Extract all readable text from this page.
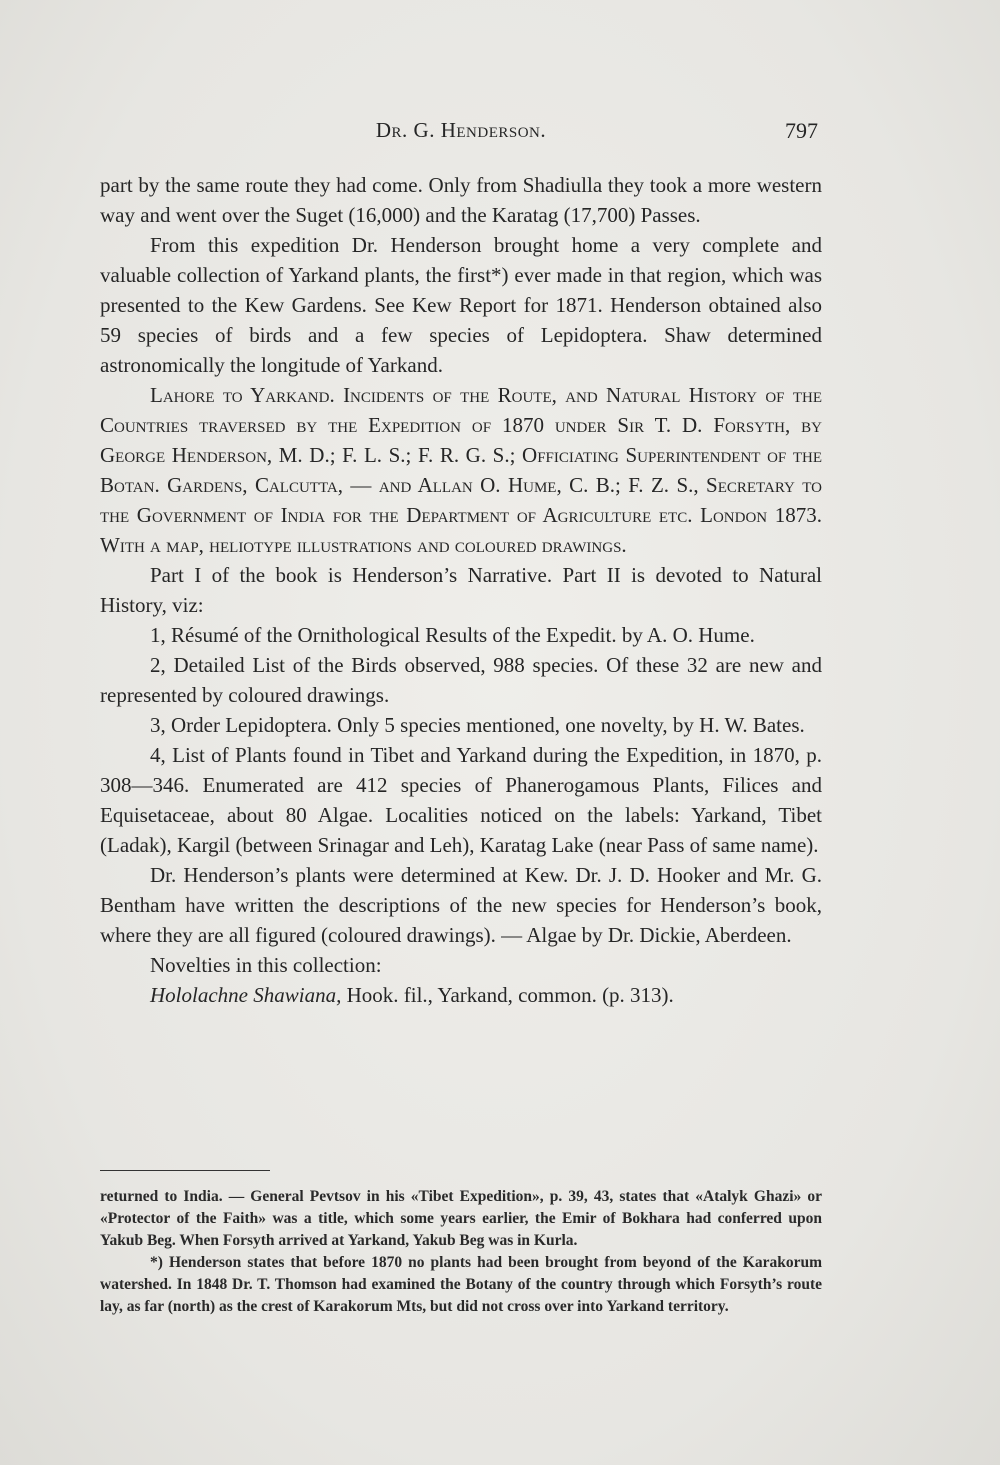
Dr. G. Henderson.	797

part by the same route they had come. Only from Shadiulla they took a more western way and went over the Suget (16,000) and the Karatag (17,700) Passes.

From this expedition Dr. Henderson brought home a very complete and valuable collection of Yarkand plants, the first*) ever made in that region, which was presented to the Kew Gardens. See Kew Report for 1871. Henderson obtained also 59 species of birds and a few species of Lepidoptera. Shaw determined astronomically the longitude of Yarkand.

Lahore to Yarkand. Incidents of the Route, and Natural History of the Countries traversed by the Expedition of 1870 under Sir T. D. Forsyth, by George Henderson, M. D.; F. L. S.; F. R. G. S.; Officiating Superintendent of the Botan. Gardens, Calcutta, — and Allan O. Hume, C. B.; F. Z. S., Secretary to the Government of India for the Department of Agriculture etc. London 1873. With a map, heliotype illustrations and coloured drawings.

Part I of the book is Henderson’s Narrative. Part II is devoted to Natural History, viz:

1, Résumé of the Ornithological Results of the Expedit. by A. O. Hume.

2, Detailed List of the Birds observed, 988 species. Of these 32 are new and represented by coloured drawings.

3, Order Lepidoptera. Only 5 species mentioned, one novelty, by H. W. Bates.

4, List of Plants found in Tibet and Yarkand during the Expedition, in 1870, p. 308—346. Enumerated are 412 species of Phanerogamous Plants, Filices and Equisetaceae, about 80 Algae. Localities noticed on the labels: Yarkand, Tibet (Ladak), Kargil (between Srinagar and Leh), Karatag Lake (near Pass of same name).

Dr. Henderson’s plants were determined at Kew. Dr. J. D. Hooker and Mr. G. Bentham have written the descriptions of the new species for Henderson’s book, where they are all figured (coloured drawings). — Algae by Dr. Dickie, Aberdeen.

Novelties in this collection:

Hololachne Shawiana, Hook. fil., Yarkand, common. (p. 313).

returned to India. — General Pevtsov in his «Tibet Expedition», p. 39, 43, states that «Atalyk Ghazi» or «Protector of the Faith» was a title, which some years earlier, the Emir of Bokhara had conferred upon Yakub Beg. When Forsyth arrived at Yarkand, Yakub Beg was in Kurla.

*) Henderson states that before 1870 no plants had been brought from beyond of the Karakorum watershed. In 1848 Dr. T. Thomson had examined the Botany of the country through which Forsyth’s route lay, as far (north) as the crest of Karakorum Mts, but did not cross over into Yarkand territory.
